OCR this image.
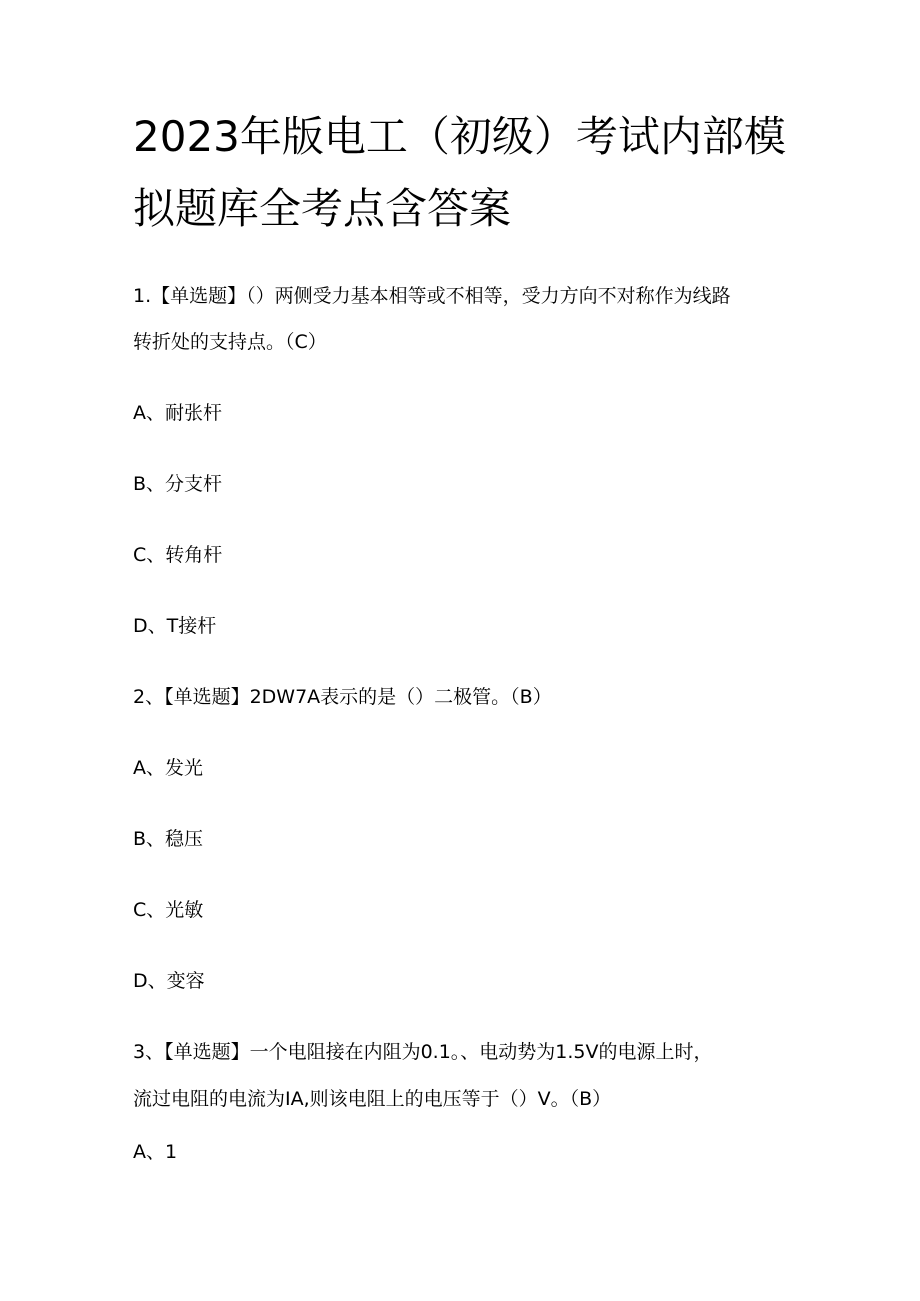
2023年版电工（初级）考试内部模
拟题库全考点含答案
1.【单选题】（）两侧受力基本相等或不相等，受力方向不对称作为线路
转折处的支持点。（C）
A、耐张杆
B、分支杆
C、转角杆
D、T接杆
2、【单选题】2DW7A表示的是（）二极管。（B）
A、发光
B、稳压
C、光敏
D、变容
3、【单选题】一个电阻接在内阻为0.1。、电动势为1.5V的电源上时，
流过电阻的电流为IA,则该电阻上的电压等于（）V。（B）
A、1
